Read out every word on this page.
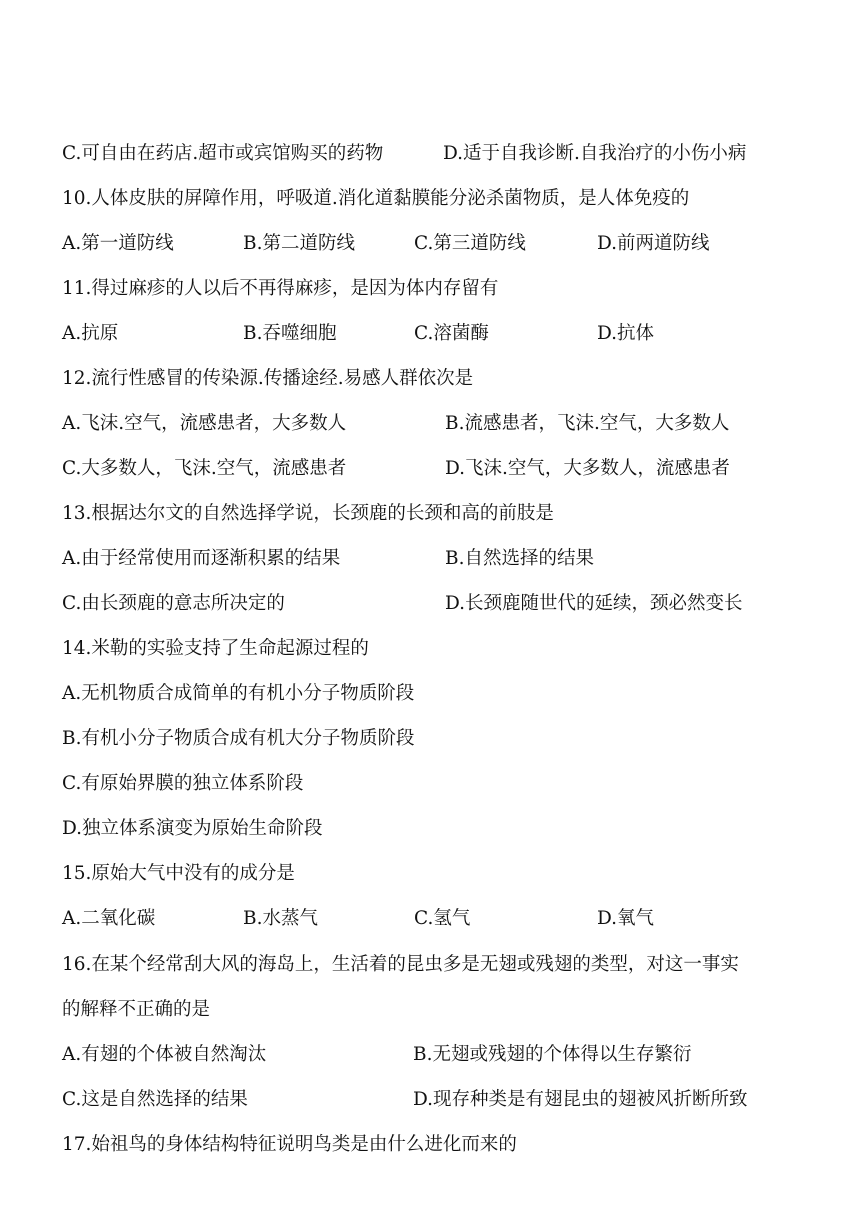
C.可自由在药店.超市或宾馆购买的药物	D.适于自我诊断.自我治疗的小伤小病
10.人体皮肤的屏障作用，呼吸道.消化道黏膜能分泌杀菌物质，是人体免疫的
A.第一道防线	B.第二道防线	C.第三道防线	D.前两道防线
11.得过麻疹的人以后不再得麻疹，是因为体内存留有
A.抗原	B.吞噬细胞	C.溶菌酶	D.抗体
12.流行性感冒的传染源.传播途经.易感人群依次是
A.飞沫.空气，流感患者，大多数人	B.流感患者，飞沫.空气，大多数人
C.大多数人，飞沫.空气，流感患者	D.飞沫.空气，大多数人，流感患者
13.根据达尔文的自然选择学说，长颈鹿的长颈和高的前肢是
A.由于经常使用而逐渐积累的结果	B.自然选择的结果
C.由长颈鹿的意志所决定的	D.长颈鹿随世代的延续，颈必然变长
14.米勒的实验支持了生命起源过程的
A.无机物质合成简单的有机小分子物质阶段
B.有机小分子物质合成有机大分子物质阶段
C.有原始界膜的独立体系阶段
D.独立体系演变为原始生命阶段
15.原始大气中没有的成分是
A.二氧化碳	B.水蒸气	C.氢气	D.氧气
16.在某个经常刮大风的海岛上，生活着的昆虫多是无翅或残翅的类型，对这一事实
的解释不正确的是
A.有翅的个体被自然淘汰	B.无翅或残翅的个体得以生存繁衍
C.这是自然选择的结果	D.现存种类是有翅昆虫的翅被风折断所致
17.始祖鸟的身体结构特征说明鸟类是由什么进化而来的
